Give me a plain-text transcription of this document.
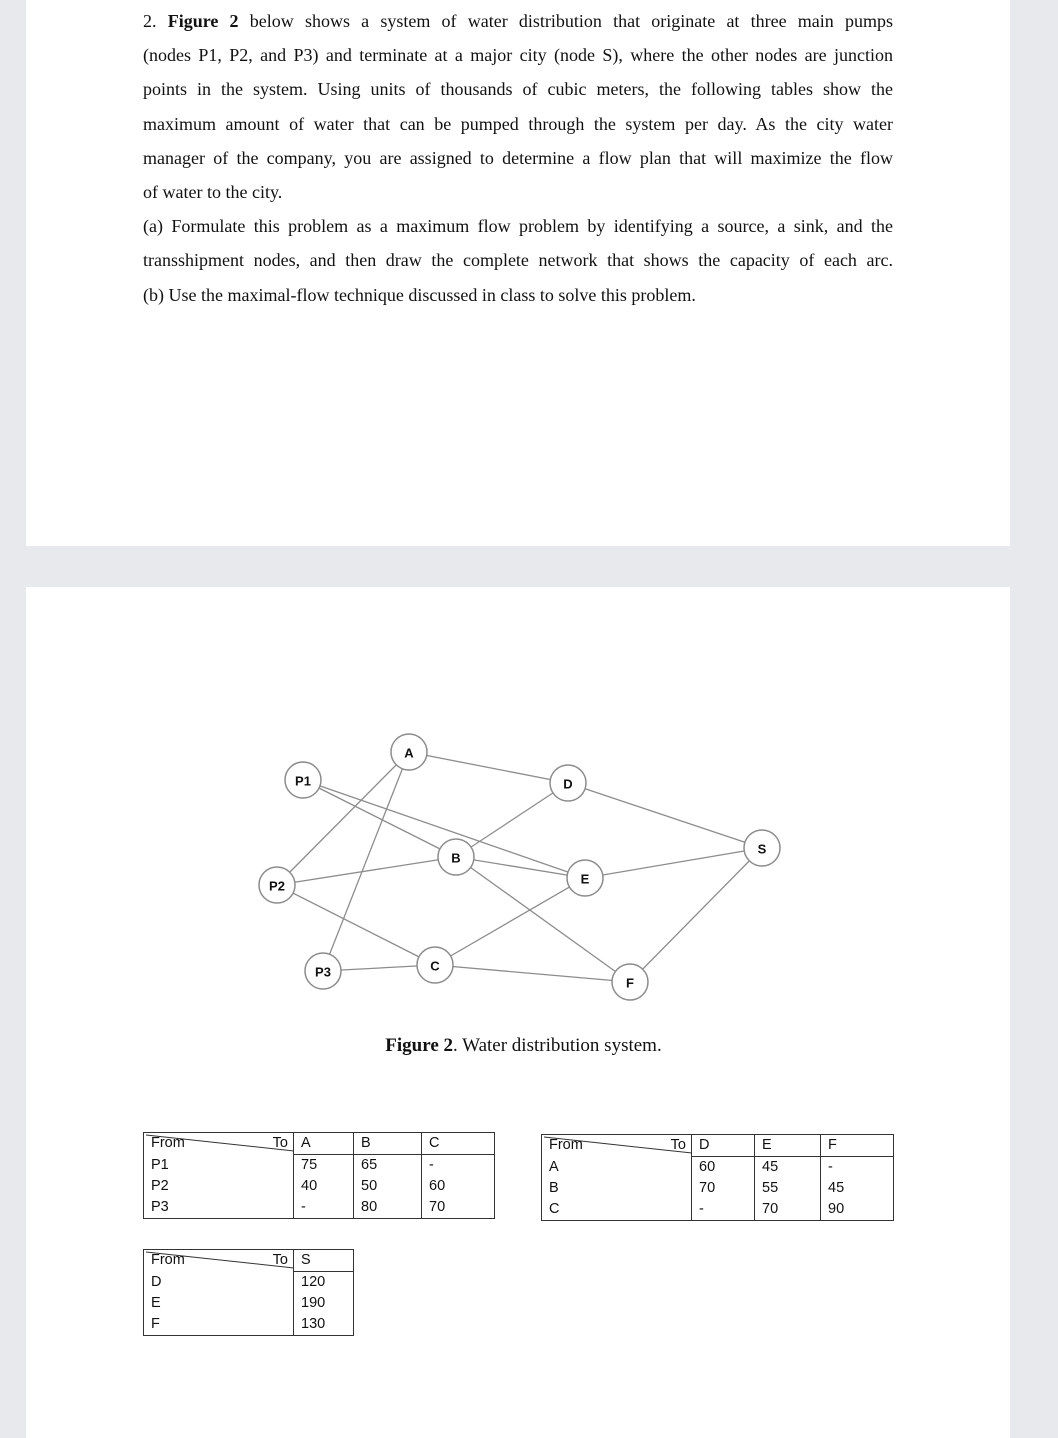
2. Figure 2 below shows a system of water distribution that originate at three main pumps

(nodes P1, P2, and P3) and terminate at a major city (node S), where the other nodes are junction

points in the system. Using units of thousands of cubic meters, the following tables show the

maximum amount of water that can be pumped through the system per day. As the city water

manager of the company, you are assigned to determine a flow plan that will maximize the flow

of water to the city.

(a) Formulate this problem as a maximum flow problem by identifying a source, a sink, and the

transshipment nodes, and then draw the complete network that shows the capacity of each arc.

(b) Use the maximal-flow technique discussed in class to solve this problem.

A
P1	D
S
B
P2	E
C
P3
F
Figure 2. Water distribution system.
From To	A	B	C
P1	75	65	-
P2	40	50	60
P3	-	80	70
From To	D	E	F
A	60	45	-
B	70	55	45
C	-	70	90
From To	S
D	120
E	190
F	130
